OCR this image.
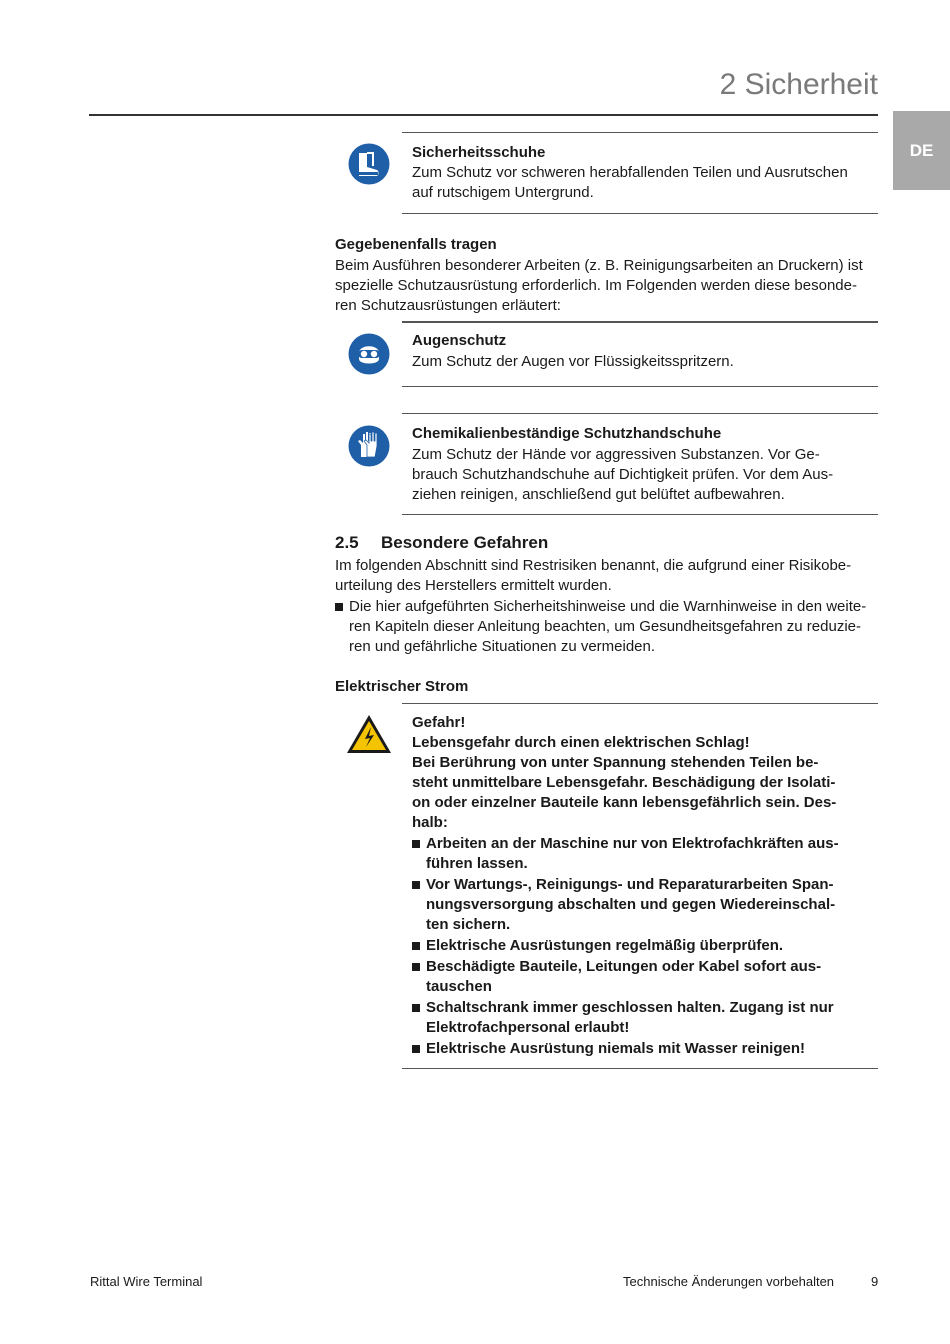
2 Sicherheit
DE
Sicherheitsschuhe
Zum Schutz vor schweren herabfallenden Teilen und Ausrutschen
auf rutschigem Untergrund.
Gegebenenfalls tragen
Beim Ausführen besonderer Arbeiten (z. B. Reinigungsarbeiten an Druckern) ist
spezielle Schutzausrüstung erforderlich. Im Folgenden werden diese besonde-
ren Schutzausrüstungen erläutert:
Augenschutz
Zum Schutz der Augen vor Flüssigkeitsspritzern.
Chemikalienbeständige Schutzhandschuhe
Zum Schutz der Hände vor aggressiven Substanzen. Vor Ge-
brauch Schutzhandschuhe auf Dichtigkeit prüfen. Vor dem Aus-
ziehen reinigen, anschließend gut belüftet aufbewahren.
2.5 Besondere Gefahren
Im folgenden Abschnitt sind Restrisiken benannt, die aufgrund einer Risikobe-
urteilung des Herstellers ermittelt wurden.
Die hier aufgeführten Sicherheitshinweise und die Warnhinweise in den weite-
ren Kapiteln dieser Anleitung beachten, um Gesundheitsgefahren zu reduzie-
ren und gefährliche Situationen zu vermeiden.
Elektrischer Strom
Gefahr!
Lebensgefahr durch einen elektrischen Schlag!
Bei Berührung von unter Spannung stehenden Teilen be-
steht unmittelbare Lebensgefahr. Beschädigung der Isolati-
on oder einzelner Bauteile kann lebensgefährlich sein. Des-
halb:
Arbeiten an der Maschine nur von Elektrofachkräften aus-
führen lassen.
Vor Wartungs-, Reinigungs- und Reparaturarbeiten Span-
nungsversorgung abschalten und gegen Wiedereinschal-
ten sichern.
Elektrische Ausrüstungen regelmäßig überprüfen.
Beschädigte Bauteile, Leitungen oder Kabel sofort aus-
tauschen
Schaltschrank immer geschlossen halten. Zugang ist nur
Elektrofachpersonal erlaubt!
Elektrische Ausrüstung niemals mit Wasser reinigen!
Rittal Wire Terminal	Technische Änderungen vorbehalten	9
